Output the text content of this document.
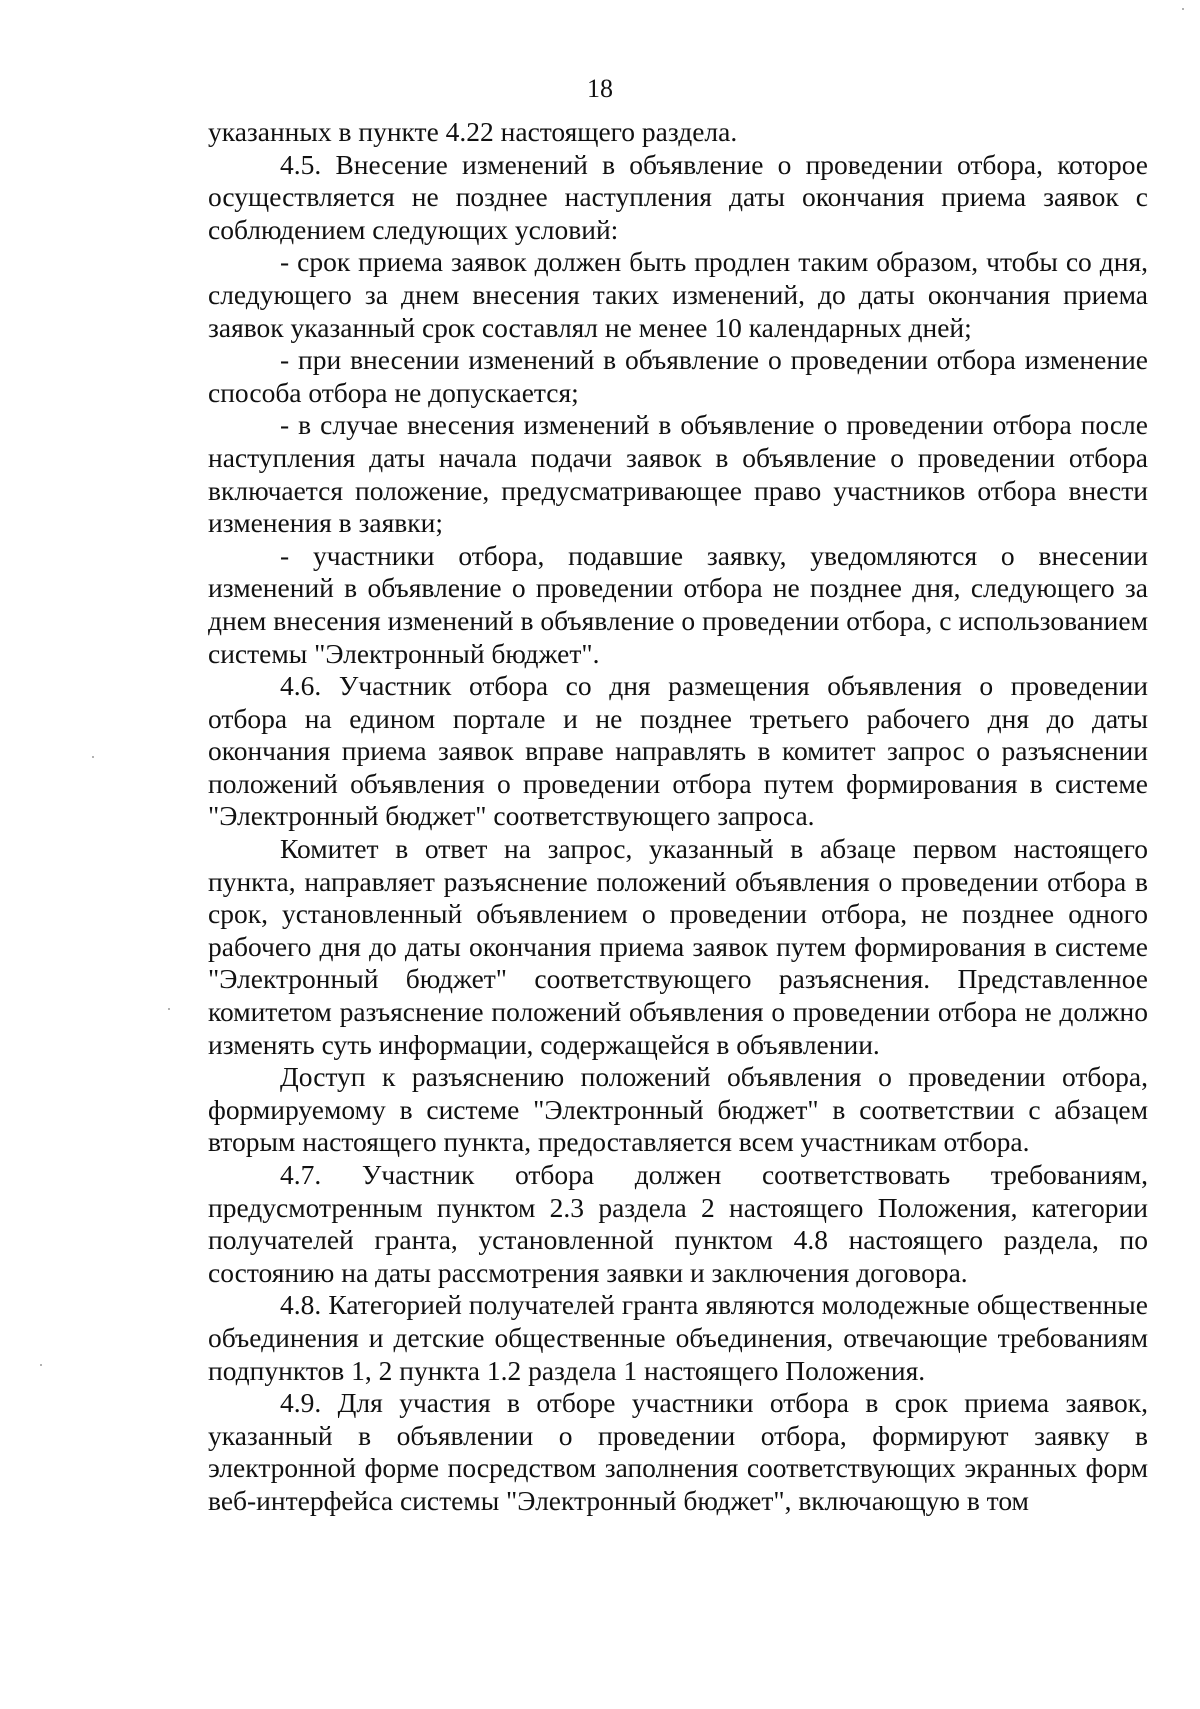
18

указанных в пункте 4.22 настоящего раздела.

4.5. Внесение изменений в объявление о проведении отбора, которое осуществляется не позднее наступления даты окончания приема заявок с соблюдением следующих условий:

- срок приема заявок должен быть продлен таким образом, чтобы со дня, следующего за днем внесения таких изменений, до даты окончания приема заявок указанный срок составлял не менее 10 календарных дней;

- при внесении изменений в объявление о проведении отбора изменение способа отбора не допускается;

- в случае внесения изменений в объявление о проведении отбора после наступления даты начала подачи заявок в объявление о проведении отбора включается положение, предусматривающее право участников отбора внести изменения в заявки;

- участники отбора, подавшие заявку, уведомляются о внесении изменений в объявление о проведении отбора не позднее дня, следующего за днем внесения изменений в объявление о проведении отбора, с использованием системы "Электронный бюджет".

4.6. Участник отбора со дня размещения объявления о проведении отбора на едином портале и не позднее третьего рабочего дня до даты окончания приема заявок вправе направлять в комитет запрос о разъяснении положений объявления о проведении отбора путем формирования в системе "Электронный бюджет" соответствующего запроса.

Комитет в ответ на запрос, указанный в абзаце первом настоящего пункта, направляет разъяснение положений объявления о проведении отбора в срок, установленный объявлением о проведении отбора, не позднее одного рабочего дня до даты окончания приема заявок путем формирования в системе "Электронный бюджет" соответствующего разъяснения. Представленное комитетом разъяснение положений объявления о проведении отбора не должно изменять суть информации, содержащейся в объявлении.

Доступ к разъяснению положений объявления о проведении отбора, формируемому в системе "Электронный бюджет" в соответствии с абзацем вторым настоящего пункта, предоставляется всем участникам отбора.

4.7. Участник отбора должен соответствовать требованиям, предусмотренным пунктом 2.3 раздела 2 настоящего Положения, категории получателей гранта, установленной пунктом 4.8 настоящего раздела, по состоянию на даты рассмотрения заявки и заключения договора.

4.8. Категорией получателей гранта являются молодежные общественные объединения и детские общественные объединения, отвечающие требованиям подпунктов 1, 2 пункта 1.2 раздела 1 настоящего Положения.

4.9. Для участия в отборе участники отбора в срок приема заявок, указанный в объявлении о проведении отбора, формируют заявку в электронной форме посредством заполнения соответствующих экранных форм веб-интерфейса системы "Электронный бюджет", включающую в том
